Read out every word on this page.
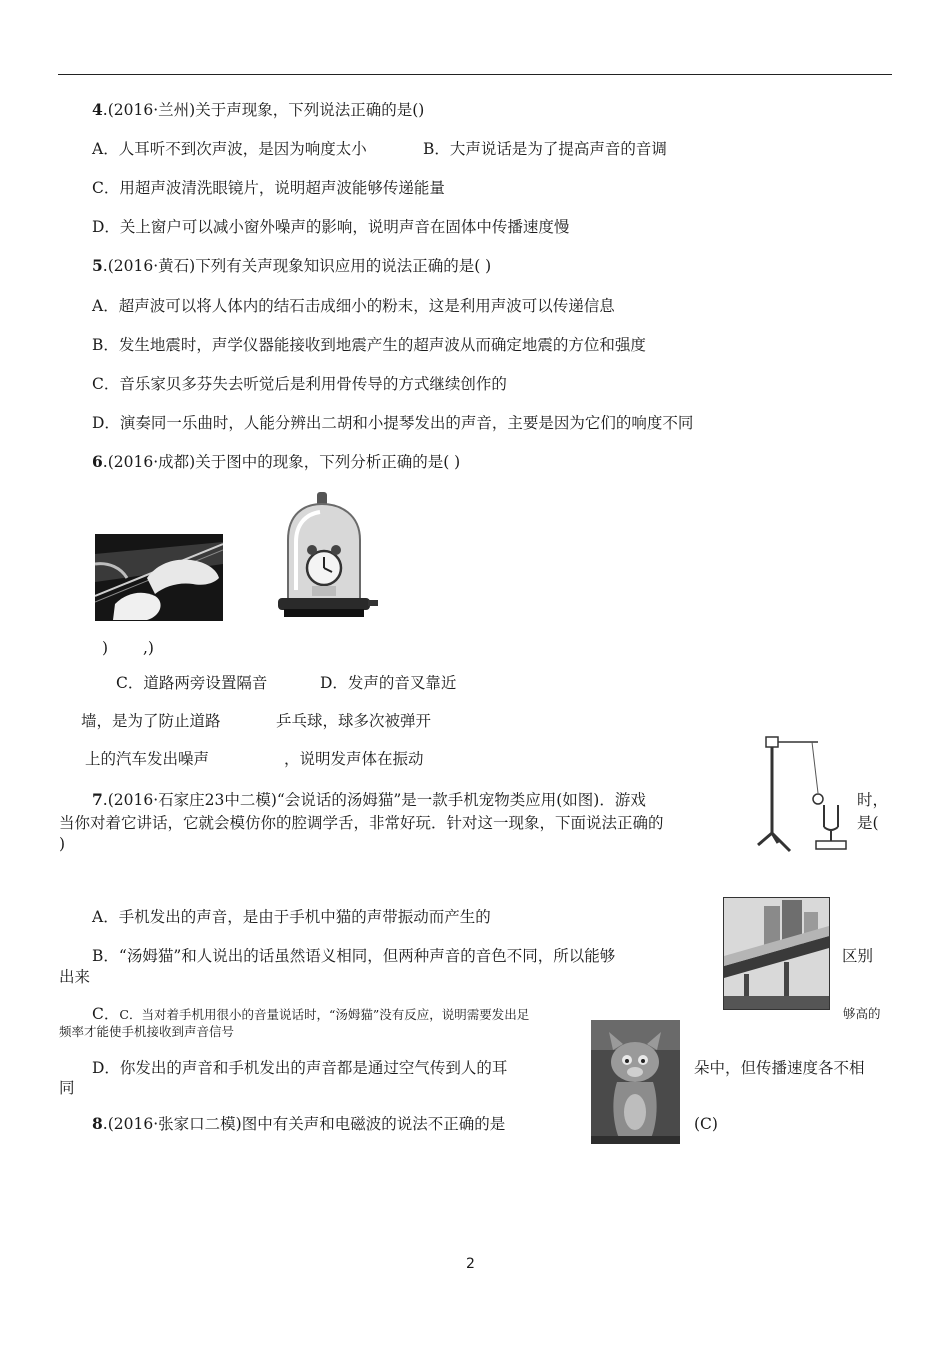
4.(2016·兰州)关于声现象，下列说法正确的是()
A．人耳听不到次声波，是因为响度太小	B．大声说话是为了提高声音的音调
C．用超声波清洗眼镜片，说明超声波能够传递能量
D．关上窗户可以减小窗外噪声的影响，说明声音在固体中传播速度慢
5.(2016·黄石)下列有关声现象知识应用的说法正确的是( )
A．超声波可以将人体内的结石击成细小的粉末，这是利用声波可以传递信息
B．发生地震时，声学仪器能接收到地震产生的超声波从而确定地震的方位和强度
C．音乐家贝多芬失去听觉后是利用骨传导的方式继续创作的
D．演奏同一乐曲时，人能分辨出二胡和小提琴发出的声音，主要是因为它们的响度不同
6.(2016·成都)关于图中的现象，下列分析正确的是( )
) ,)
C．道路两旁设置隔音	D．发声的音叉靠近
墙，是为了防止道路	乒乓球，球多次被弹开
上的汽车发出噪声	，说明发声体在振动
7.(2016·石家庄23中二模)“会说话的汤姆猫”是一款手机宠物类应用(如图)．游戏	时，
当你对着它讲话，它就会模仿你的腔调学舌，非常好玩．针对这一现象，下面说法正确的	是(
)
A．手机发出的声音，是由于手机中猫的声带振动而产生的
B．“汤姆猫”和人说出的话虽然语义相同，但两种声音的音色不同，所以能够	区别
出来
C．C．当对着手机用很小的音量说话时，“汤姆猫”没有反应，说明需要发出足	够高的
频率才能使手机接收到声音信号
D．你发出的声音和手机发出的声音都是通过空气传到人的耳	朵中，但传播速度各不相
同
8.(2016·张家口二模)图中有关声和电磁波的说法不正确的是	(C)
2
